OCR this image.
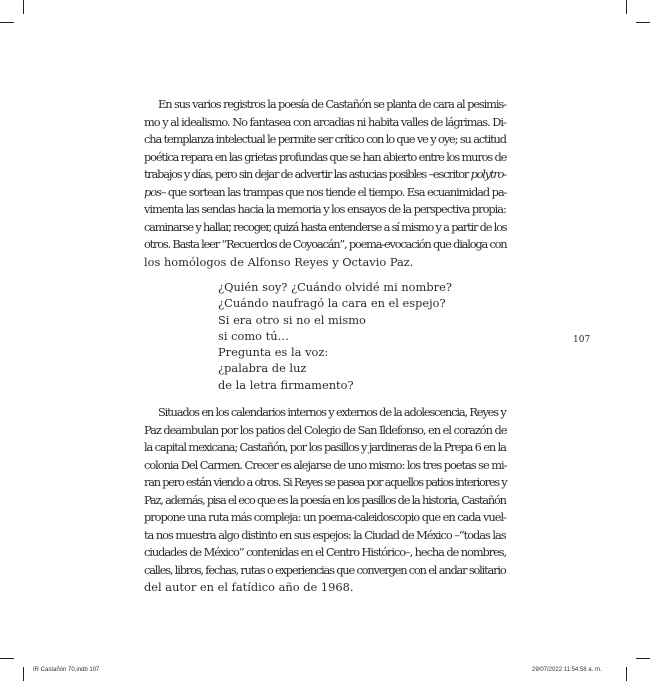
En sus varios registros la poesía de Castañón se planta de cara al pesimis-
mo y al idealismo. No fantasea con arcadias ni habita valles de lágrimas. Di-
cha templanza intelectual le permite ser crítico con lo que ve y oye; su actitud
poética repara en las grietas profundas que se han abierto entre los muros de
trabajos y días, pero sin dejar de advertir las astucias posibles –escritor polytro-
pos– que sortean las trampas que nos tiende el tiempo. Esa ecuanimidad pa-
vimenta las sendas hacia la memoria y los ensayos de la perspectiva propia:
caminarse y hallar, recoger, quizá hasta entenderse a sí mismo y a partir de los
otros. Basta leer “Recuerdos de Coyoacán”, poema-evocación que dialoga con
los homólogos de Alfonso Reyes y Octavio Paz.
¿Quién soy? ¿Cuándo olvidé mi nombre?
¿Cuándo naufragó la cara en el espejo?
Si era otro si no el mismo
si como tú…
Pregunta es la voz:
¿palabra de luz
de la letra firmamento?
107
Situados en los calendarios internos y externos de la adolescencia, Reyes y
Paz deambulan por los patios del Colegio de San Ildefonso, en el corazón de
la capital mexicana; Castañón, por los pasillos y jardineras de la Prepa 6 en la
colonia Del Carmen. Crecer es alejarse de uno mismo: los tres poetas se mi-
ran pero están viendo a otros. Si Reyes se pasea por aquellos patios interiores y
Paz, además, pisa el eco que es la poesía en los pasillos de la historia, Castañón
propone una ruta más compleja: un poema-caleidoscopio que en cada vuel-
ta nos muestra algo distinto en sus espejos: la Ciudad de México –“todas las
ciudades de México” contenidas en el Centro Histórico–, hecha de nombres,
calles, libros, fechas, rutas o experiencias que convergen con el andar solitario
del autor en el fatídico año de 1968.
IR Castañón 70.indb 107	29/07/2022 11:54:58 a. m.
